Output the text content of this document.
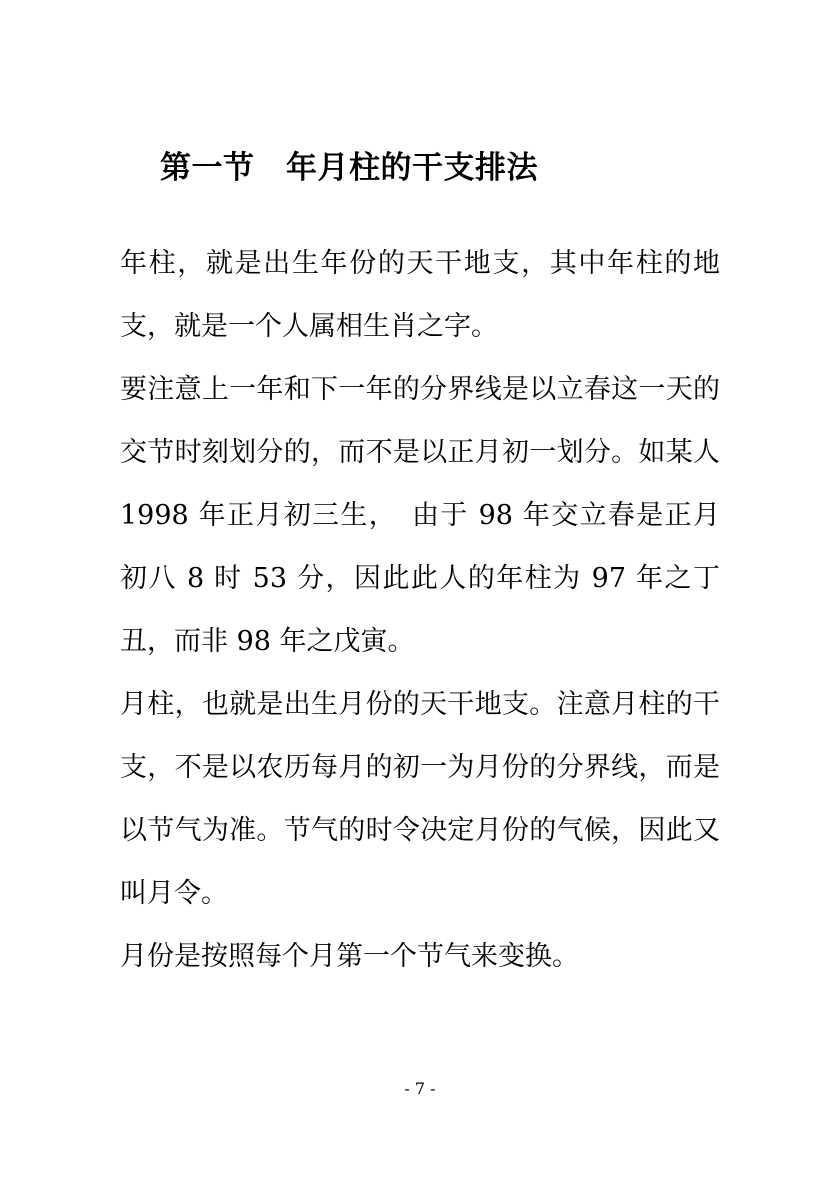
第一节　年月柱的干支排法

年柱，就是出生年份的天干地支，其中年柱的地支，就是一个人属相生肖之字。

要注意上一年和下一年的分界线是以立春这一天的交节时刻划分的，而不是以正月初一划分。如某人 1998 年正月初三生，　由于 98 年交立春是正月初八 8 时 53 分，因此此人的年柱为 97 年之丁丑，而非 98 年之戊寅。

月柱，也就是出生月份的天干地支。注意月柱的干支，不是以农历每月的初一为月份的分界线，而是以节气为准。节气的时令决定月份的气候，因此又叫月令。

月份是按照每个月第一个节气来变换。

- 7 -
